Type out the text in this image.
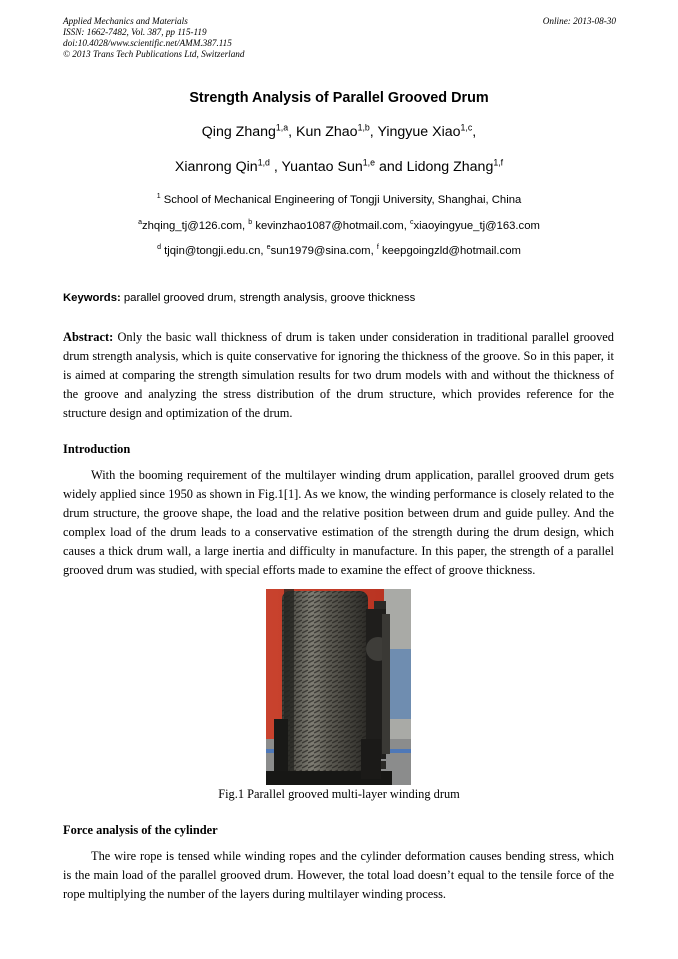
Applied Mechanics and Materials
ISSN: 1662-7482, Vol. 387, pp 115-119
doi:10.4028/www.scientific.net/AMM.387.115
© 2013 Trans Tech Publications Ltd, Switzerland
Online: 2013-08-30
Strength Analysis of Parallel Grooved Drum
Qing Zhang$^{1,a}$, Kun Zhao$^{1,b}$, Yingyue Xiao$^{1,c}$,
Xianrong Qin$^{1,d}$ , Yuantao Sun$^{1,e}$ and Lidong Zhang$^{1,f}$
$^1$ School of Mechanical Engineering of Tongji University, Shanghai, China
$^a$zhqing_tj@126.com, $^b$ kevinzhao1087@hotmail.com, $^c$xiaoyingyue_tj@163.com
$^d$ tjqin@tongji.edu.cn, $^e$sun1979@sina.com, $^f$ keepgoingzld@hotmail.com
Keywords: parallel grooved drum, strength analysis, groove thickness
Abstract: Only the basic wall thickness of drum is taken under consideration in traditional parallel grooved drum strength analysis, which is quite conservative for ignoring the thickness of the groove. So in this paper, it is aimed at comparing the strength simulation results for two drum models with and without the thickness of the groove and analyzing the stress distribution of the drum structure, which provides reference for the structure design and optimization of the drum.
Introduction
With the booming requirement of the multilayer winding drum application, parallel grooved drum gets widely applied since 1950 as shown in Fig.1[1]. As we know, the winding performance is closely related to the drum structure, the groove shape, the load and the relative position between drum and guide pulley. And the complex load of the drum leads to a conservative estimation of the strength during the drum design, which causes a thick drum wall, a large inertia and difficulty in manufacture. In this paper, the strength of a parallel grooved drum was studied, with special efforts made to examine the effect of groove thickness.
Fig.1 Parallel grooved multi-layer winding drum
Force analysis of the cylinder
The wire rope is tensed while winding ropes and the cylinder deformation causes bending stress, which is the main load of the parallel grooved drum. However, the total load doesn’t equal to the tensile force of the rope multiplying the number of the layers during multilayer winding process.
